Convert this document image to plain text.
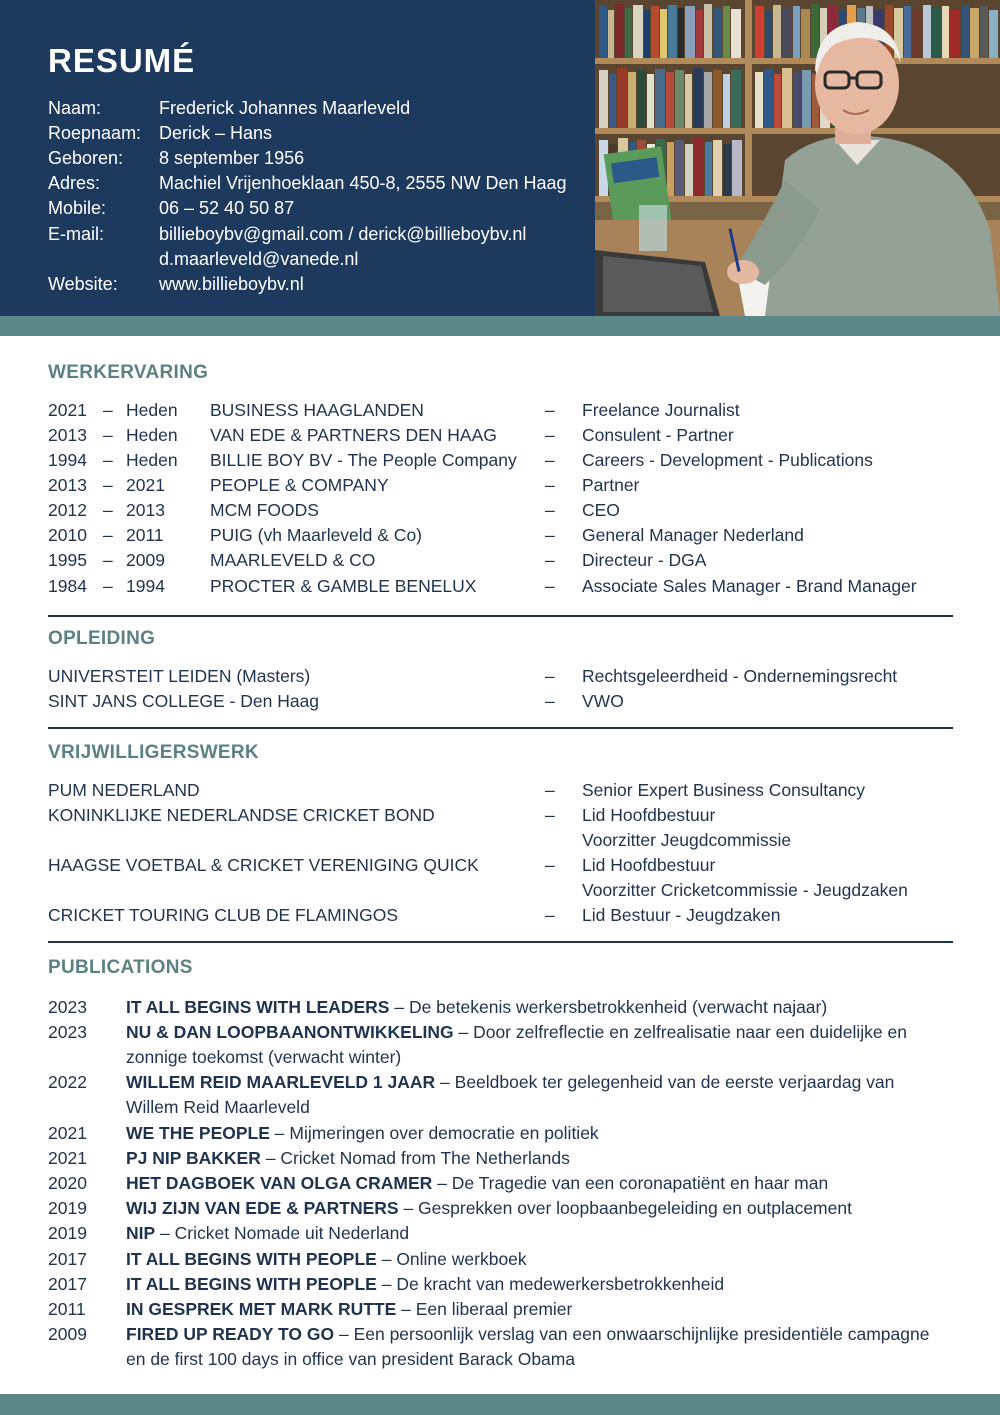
RESUMÉ
Naam:	Frederick Johannes Maarleveld
Roepnaam: Derick – Hans
Geboren: 8 september 1956
Adres:	Machiel Vrijenhoeklaan 450-8, 2555 NW Den Haag
Mobile:	06 – 52 40 50 87
E-mail:	billieboybv@gmail.com / derick@billieboybv.nl
d.maarleveld@vanede.nl
Website: www.billieboybv.nl
WERKERVARING
2021 – Heden BUSINESS HAAGLANDEN	– Freelance Journalist
2013 – Heden VAN EDE & PARTNERS DEN HAAG	– Consulent - Partner
1994 – Heden BILLIE BOY BV - The People Company – Careers - Development - Publications
2013 – 2021	PEOPLE & COMPANY	– Partner
2012 – 2013	MCM FOODS	– CEO
2010 – 2011	PUIG (vh Maarleveld & Co)	– General Manager Nederland
1995 – 2009	MAARLEVELD & CO	– Directeur - DGA
1984 – 1994	PROCTER & GAMBLE BENELUX	– Associate Sales Manager - Brand Manager
OPLEIDING
UNIVERSTEIT LEIDEN (Masters)	– Rechtsgeleerdheid - Ondernemingsrecht
SINT JANS COLLEGE - Den Haag	– VWO
VRIJWILLIGERSWERK
PUM NEDERLAND	– Senior Expert Business Consultancy
KONINKLIJKE NEDERLANDSE CRICKET BOND	– Lid Hoofdbestuur
Voorzitter Jeugdcommissie
HAAGSE VOETBAL & CRICKET VERENIGING QUICK	– Lid Hoofdbestuur
Voorzitter Cricketcommissie - Jeugdzaken
CRICKET TOURING CLUB DE FLAMINGOS	– Lid Bestuur - Jeugdzaken
PUBLICATIONS
2023 IT ALL BEGINS WITH LEADERS – De betekenis werkersbetrokkenheid (verwacht najaar)
2023 NU & DAN LOOPBAANONTWIKKELING – Door zelfreflectie en zelfrealisatie naar een duidelijke en zonnige toekomst (verwacht winter)
2022 WILLEM REID MAARLEVELD 1 JAAR – Beeldboek ter gelegenheid van de eerste verjaardag van Willem Reid Maarleveld
2021 WE THE PEOPLE – Mijmeringen over democratie en politiek
2021 PJ NIP BAKKER – Cricket Nomad from The Netherlands
2020 HET DAGBOEK VAN OLGA CRAMER – De Tragedie van een coronapatiënt en haar man
2019 WIJ ZIJN VAN EDE & PARTNERS – Gesprekken over loopbaanbegeleiding en outplacement
2019 NIP – Cricket Nomade uit Nederland
2017 IT ALL BEGINS WITH PEOPLE – Online werkboek
2017 IT ALL BEGINS WITH PEOPLE – De kracht van medewerkersbetrokkenheid
2011 IN GESPREK MET MARK RUTTE – Een liberaal premier
2009 FIRED UP READY TO GO – Een persoonlijk verslag van een onwaarschijnlijke presidentiële campagne en de first 100 days in office van president Barack Obama
